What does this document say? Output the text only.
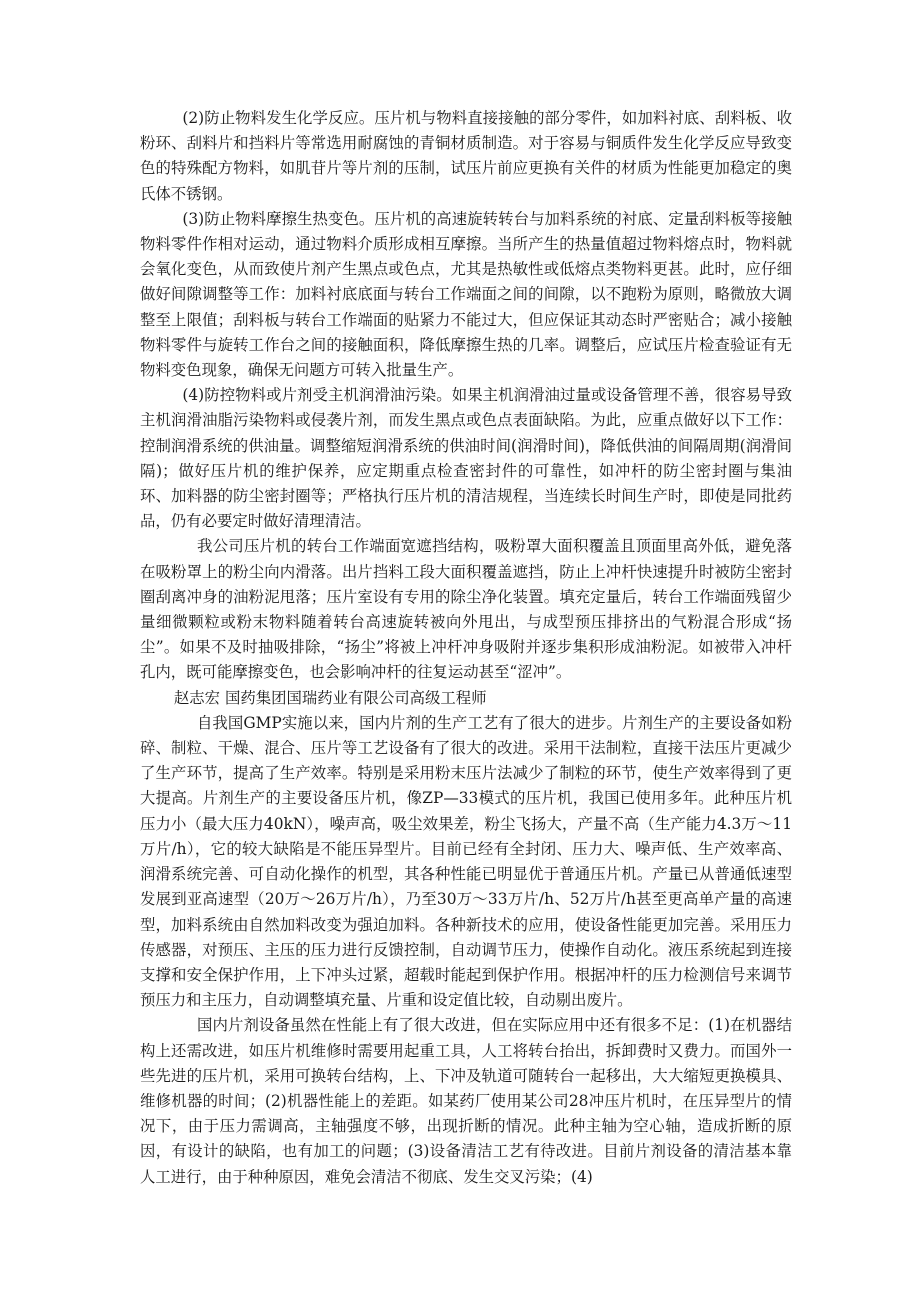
(2)防止物料发生化学反应。压片机与物料直接接触的部分零件，如加料衬底、刮料板、收粉环、刮料片和挡料片等常选用耐腐蚀的青铜材质制造。对于容易与铜质件发生化学反应导致变色的特殊配方物料，如肌苷片等片剂的压制，试压片前应更换有关件的材质为性能更加稳定的奥氏体不锈钢。

(3)防止物料摩擦生热变色。压片机的高速旋转转台与加料系统的衬底、定量刮料板等接触物料零件作相对运动，通过物料介质形成相互摩擦。当所产生的热量值超过物料熔点时，物料就会氧化变色，从而致使片剂产生黑点或色点，尤其是热敏性或低熔点类物料更甚。此时，应仔细做好间隙调整等工作：加料衬底底面与转台工作端面之间的间隙，以不跑粉为原则，略微放大调整至上限值；刮料板与转台工作端面的贴紧力不能过大，但应保证其动态时严密贴合；减小接触物料零件与旋转工作台之间的接触面积，降低摩擦生热的几率。调整后，应试压片检查验证有无物料变色现象，确保无问题方可转入批量生产。

(4)防控物料或片剂受主机润滑油污染。如果主机润滑油过量或设备管理不善，很容易导致主机润滑油脂污染物料或侵袭片剂，而发生黑点或色点表面缺陷。为此，应重点做好以下工作：控制润滑系统的供油量。调整缩短润滑系统的供油时间(润滑时间)，降低供油的间隔周期(润滑间隔)；做好压片机的维护保养，应定期重点检查密封件的可靠性，如冲杆的防尘密封圈与集油环、加料器的防尘密封圈等；严格执行压片机的清洁规程，当连续长时间生产时，即使是同批药品，仍有必要定时做好清理清洁。

我公司压片机的转台工作端面宽遮挡结构，吸粉罩大面积覆盖且顶面里高外低，避免落在吸粉罩上的粉尘向内滑落。出片挡料工段大面积覆盖遮挡，防止上冲杆快速提升时被防尘密封圈刮离冲身的油粉泥甩落；压片室设有专用的除尘净化装置。填充定量后，转台工作端面残留少量细微颗粒或粉末物料随着转台高速旋转被向外甩出，与成型预压排挤出的气粉混合形成“扬尘”。如果不及时抽吸排除，“扬尘”将被上冲杆冲身吸附并逐步集积形成油粉泥。如被带入冲杆孔内，既可能摩擦变色，也会影响冲杆的往复运动甚至“涩冲”。

赵志宏 国药集团国瑞药业有限公司高级工程师

自我国GMP实施以来，国内片剂的生产工艺有了很大的进步。片剂生产的主要设备如粉碎、制粒、干燥、混合、压片等工艺设备有了很大的改进。采用干法制粒，直接干法压片更减少了生产环节，提高了生产效率。特别是采用粉末压片法减少了制粒的环节，使生产效率得到了更大提高。片剂生产的主要设备压片机，像ZP—33模式的压片机，我国已使用多年。此种压片机压力小（最大压力40kN），噪声高，吸尘效果差，粉尘飞扬大，产量不高（生产能力4.3万～11万片/h），它的较大缺陷是不能压异型片。目前已经有全封闭、压力大、噪声低、生产效率高、润滑系统完善、可自动化操作的机型，其各种性能已明显优于普通压片机。产量已从普通低速型发展到亚高速型（20万～26万片/h），乃至30万～33万片/h、52万片/h甚至更高单产量的高速型，加料系统由自然加料改变为强迫加料。各种新技术的应用，使设备性能更加完善。采用压力传感器，对预压、主压的压力进行反馈控制，自动调节压力，使操作自动化。液压系统起到连接支撑和安全保护作用，上下冲头过紧，超载时能起到保护作用。根据冲杆的压力检测信号来调节预压力和主压力，自动调整填充量、片重和设定值比较，自动剔出废片。

国内片剂设备虽然在性能上有了很大改进，但在实际应用中还有很多不足：(1)在机器结构上还需改进，如压片机维修时需要用起重工具，人工将转台抬出，拆卸费时又费力。而国外一些先进的压片机，采用可换转台结构，上、下冲及轨道可随转台一起移出，大大缩短更换模具、维修机器的时间；(2)机器性能上的差距。如某药厂使用某公司28冲压片机时，在压异型片的情况下，由于压力需调高，主轴强度不够，出现折断的情况。此种主轴为空心轴，造成折断的原因，有设计的缺陷，也有加工的问题；(3)设备清洁工艺有待改进。目前片剂设备的清洁基本靠人工进行，由于种种原因，难免会清洁不彻底、发生交叉污染；(4)
